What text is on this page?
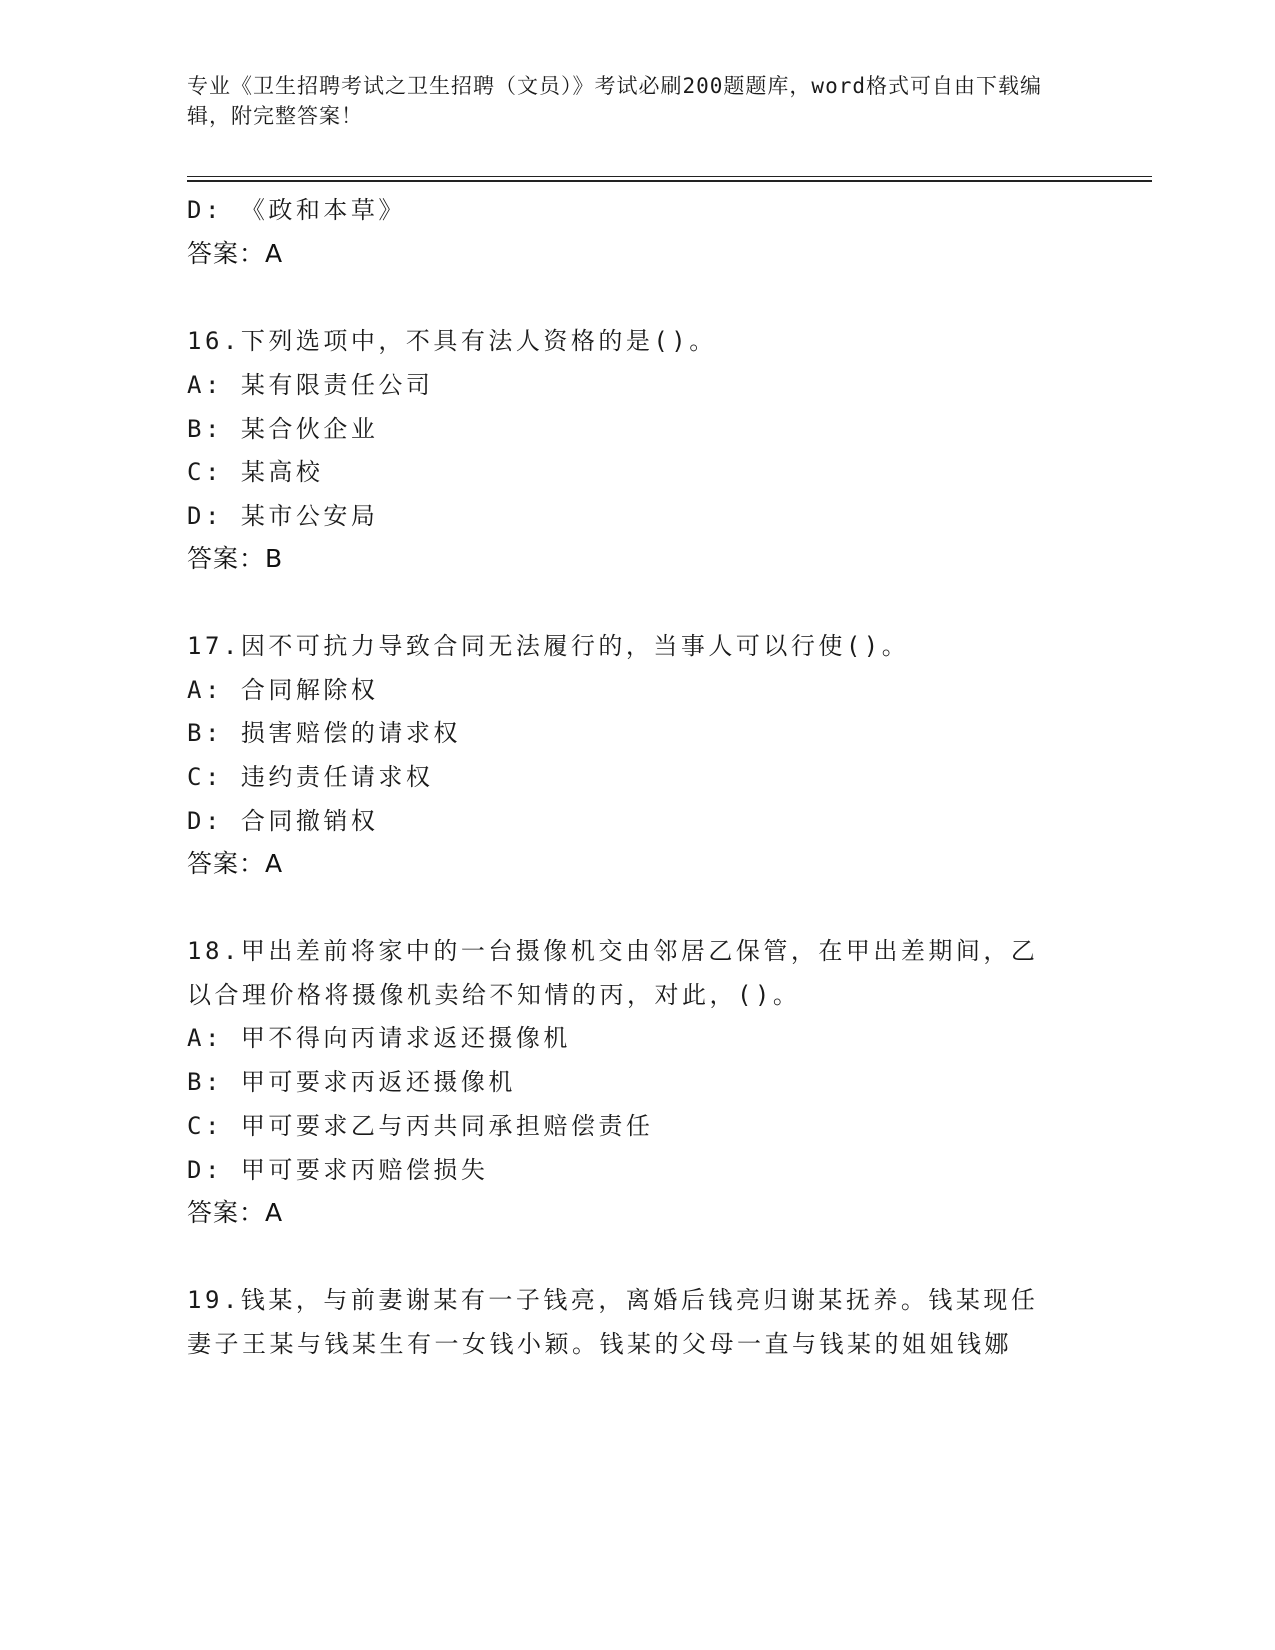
专业《卫生招聘考试之卫生招聘（文员）》考试必刷200题题库，word格式可自由下载编辑，附完整答案！
D: 《政和本草》
答案：A
16.下列选项中，不具有法人资格的是()。
A: 某有限责任公司
B: 某合伙企业
C: 某高校
D: 某市公安局
答案：B
17.因不可抗力导致合同无法履行的，当事人可以行使()。
A: 合同解除权
B: 损害赔偿的请求权
C: 违约责任请求权
D: 合同撤销权
答案：A
18.甲出差前将家中的一台摄像机交由邻居乙保管，在甲出差期间，乙
以合理价格将摄像机卖给不知情的丙，对此，()。
A: 甲不得向丙请求返还摄像机
B: 甲可要求丙返还摄像机
C: 甲可要求乙与丙共同承担赔偿责任
D: 甲可要求丙赔偿损失
答案：A
19.钱某，与前妻谢某有一子钱亮，离婚后钱亮归谢某抚养。钱某现任
妻子王某与钱某生有一女钱小颖。钱某的父母一直与钱某的姐姐钱娜
